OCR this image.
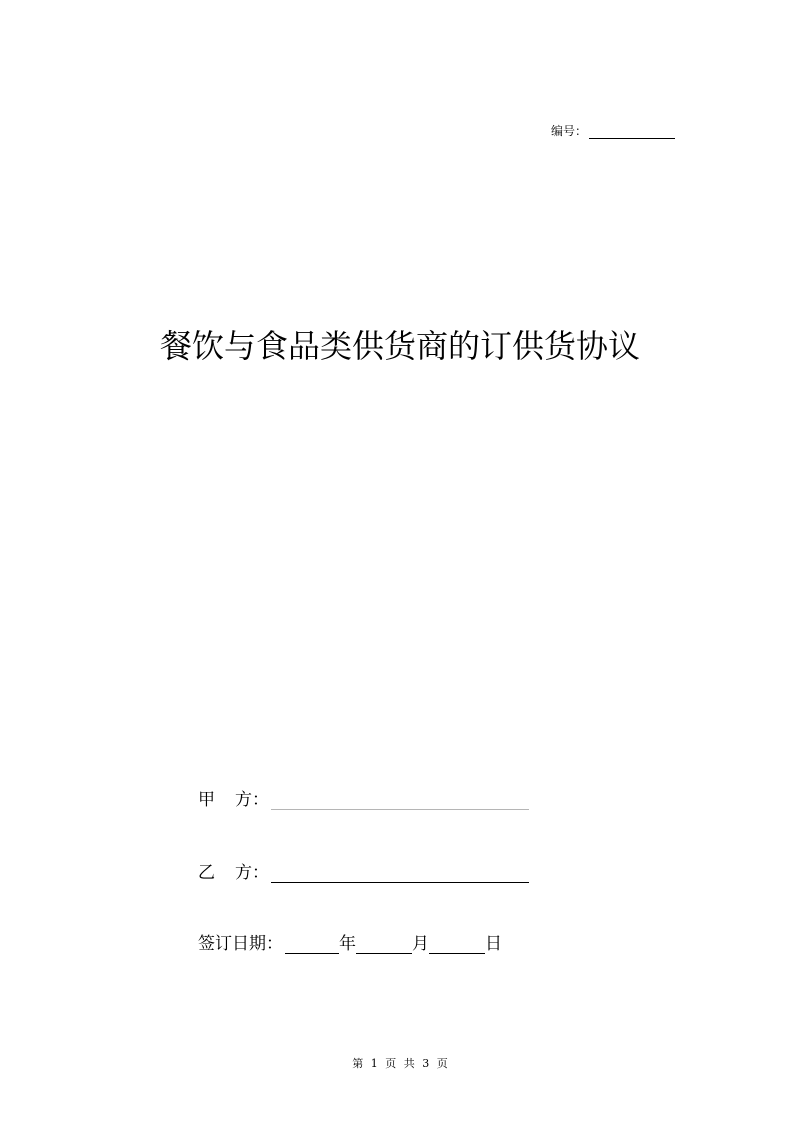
编号：
餐饮与食品类供货商的订供货协议
甲 方：
乙 方：
签订日期：	年	月	日
第 1 页 共 3 页
